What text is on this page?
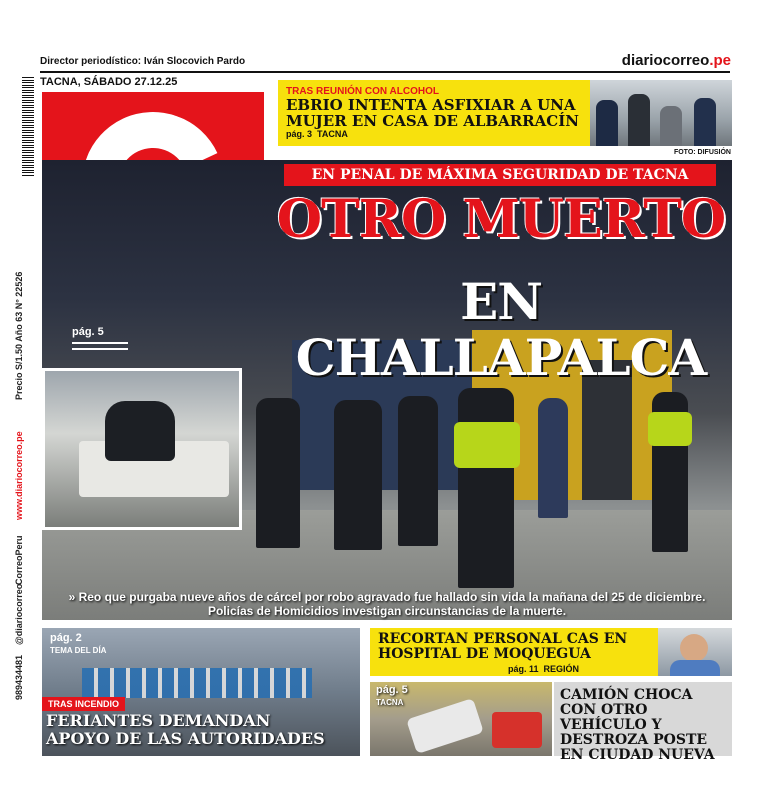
Precio S/1.50 Año 63 N° 22526
www.diariocorreo.pe
CorreoPeru
@diariocorreo
989434481
Director periodístico: Iván Slocovich Pardo	diariocorreo.pe
TACNA, SÁBADO 27.12.25
TRAS REUNIÓN CON ALCOHOL
EBRIO INTENTA ASFIXIAR A UNA MUJER EN CASA DE ALBARRACÍN
pág. 3 TACNA
FOTO: DIFUSIÓN
EN PENAL DE MÁXIMA SEGURIDAD DE TACNA
OTRO MUERTO
EN CHALLAPALCA
pág. 5
» Reo que purgaba nueve años de cárcel por robo agravado fue hallado sin vida la mañana del 25 de diciembre. Policías de Homicidios investigan circunstancias de la muerte.
pág. 2
TEMA DEL DÍA
TRAS INCENDIO
FERIANTES DEMANDAN
APOYO DE LAS AUTORIDADES
RECORTAN PERSONAL CAS EN HOSPITAL DE MOQUEGUA
pág. 11 REGIÓN
pág. 5
TACNA	CAMIÓN CHOCA CON OTRO VEHÍCULO Y DESTROZA POSTE EN CIUDAD NUEVA
